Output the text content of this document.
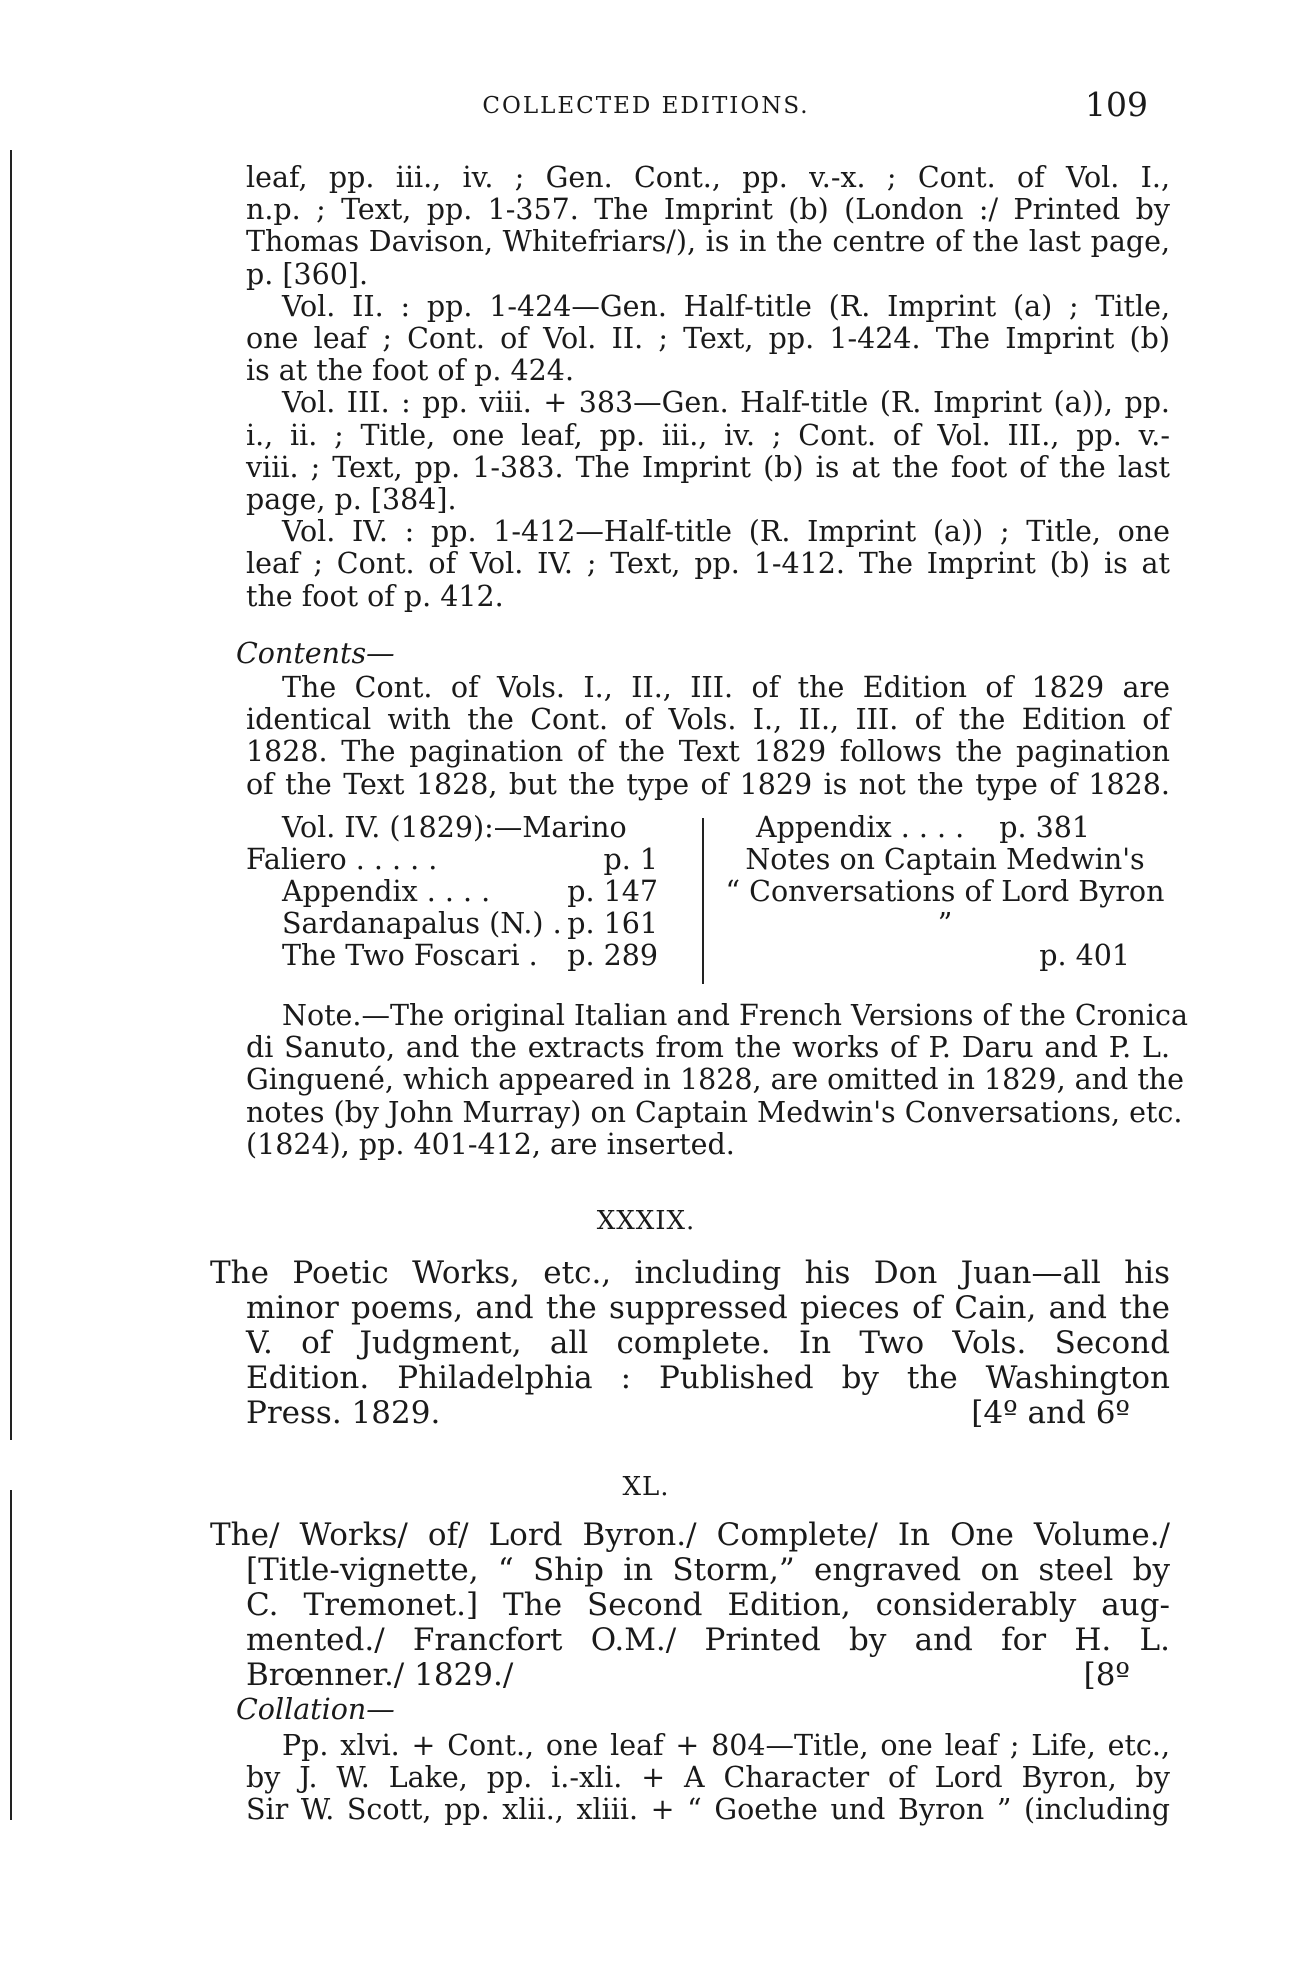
COLLECTED EDITIONS.	109
leaf, pp. iii., iv. ; Gen. Cont., pp. v.-x. ; Cont. of Vol. I.,
n.p. ; Text, pp. 1-357. The Imprint (b) (London :/ Printed by
Thomas Davison, Whitefriars/), is in the centre of the last page,
p. [360].
Vol. II. : pp. 1-424—Gen. Half-title (R. Imprint (a) ; Title,
one leaf ; Cont. of Vol. II. ; Text, pp. 1-424. The Imprint (b)
is at the foot of p. 424.
Vol. III. : pp. viii. + 383—Gen. Half-title (R. Imprint (a)), pp.
i., ii. ; Title, one leaf, pp. iii., iv. ; Cont. of Vol. III., pp. v.-
viii. ; Text, pp. 1-383. The Imprint (b) is at the foot of the last
page, p. [384].
Vol. IV. : pp. 1-412—Half-title (R. Imprint (a)) ; Title, one
leaf ; Cont. of Vol. IV. ; Text, pp. 1-412. The Imprint (b) is at
the foot of p. 412.
Contents—
The Cont. of Vols. I., II., III. of the Edition of 1829 are
identical with the Cont. of Vols. I., II., III. of the Edition of
1828. The pagination of the Text 1829 follows the pagination
of the Text 1828, but the type of 1829 is not the type of 1828.
Vol. IV. (1829):—Marino
Faliero . . . . .	p. 1
Appendix . . . .	p. 147
Sardanapalus (N.) . p. 161
The Two Foscari . p. 289
Appendix . . . . p. 381
Notes on Captain Medwin's
“ Conversations of Lord Byron ”
p. 401
Note.—The original Italian and French Versions of the Cronica
di Sanuto, and the extracts from the works of P. Daru and P. L.
Ginguené, which appeared in 1828, are omitted in 1829, and the
notes (by John Murray) on Captain Medwin's Conversations, etc.
(1824), pp. 401-412, are inserted.
XXXIX.
The Poetic Works, etc., including his Don Juan—all his
minor poems, and the suppressed pieces of Cain, and the
V. of Judgment, all complete. In Two Vols. Second
Edition. Philadelphia : Published by the Washington
Press. 1829.	[4º and 6º
XL.
The/ Works/ of/ Lord Byron./ Complete/ In One Volume./
[Title-vignette, “ Ship in Storm,” engraved on steel by
C. Tremonet.] The Second Edition, considerably aug-
mented./ Francfort O.M./ Printed by and for H. L.
Brœnner./ 1829./	[8º
Collation—
Pp. xlvi. + Cont., one leaf + 804—Title, one leaf ; Life, etc.,
by J. W. Lake, pp. i.-xli. + A Character of Lord Byron, by
Sir W. Scott, pp. xlii., xliii. + “ Goethe und Byron ” (including
